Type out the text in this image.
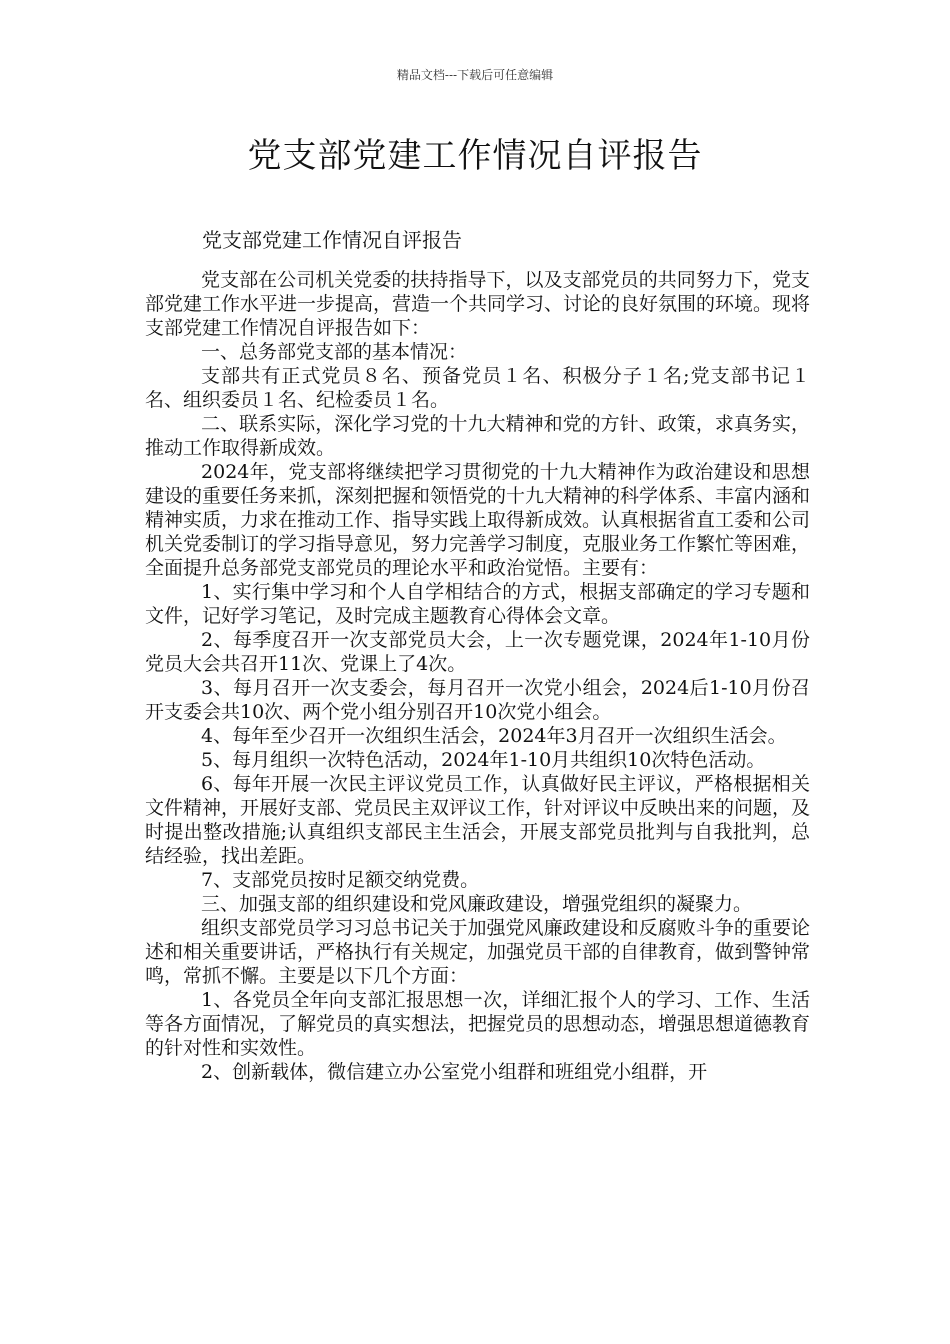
精品文档---下载后可任意编辑
党支部党建工作情况自评报告

党支部党建工作情况自评报告

党支部在公司机关党委的扶持指导下，以及支部党员的共同努力下，党支部党建工作水平进一步提高，营造一个共同学习、讨论的良好氛围的环境。现将支部党建工作情况自评报告如下：

一、总务部党支部的基本情况：

支部共有正式党员８名、预备党员１名、积极分子１名;党支部书记１名、组织委员１名、纪检委员１名。

二、联系实际，深化学习党的十九大精神和党的方针、政策，求真务实，推动工作取得新成效。

2024年，党支部将继续把学习贯彻党的十九大精神作为政治建设和思想建设的重要任务来抓，深刻把握和领悟党的十九大精神的科学体系、丰富内涵和精神实质，力求在推动工作、指导实践上取得新成效。认真根据省直工委和公司机关党委制订的学习指导意见，努力完善学习制度，克服业务工作繁忙等困难，全面提升总务部党支部党员的理论水平和政治觉悟。主要有：

1、实行集中学习和个人自学相结合的方式，根据支部确定的学习专题和文件，记好学习笔记，及时完成主题教育心得体会文章。

2、每季度召开一次支部党员大会，上一次专题党课，2024年1-10月份党员大会共召开11次、党课上了4次。

3、每月召开一次支委会，每月召开一次党小组会，2024后1-10月份召开支委会共10次、两个党小组分别召开10次党小组会。

4、每年至少召开一次组织生活会，2024年3月召开一次组织生活会。

5、每月组织一次特色活动，2024年1-10月共组织10次特色活动。

6、每年开展一次民主评议党员工作，认真做好民主评议，严格根据相关文件精神，开展好支部、党员民主双评议工作，针对评议中反映出来的问题，及时提出整改措施;认真组织支部民主生活会，开展支部党员批判与自我批判，总结经验，找出差距。

7、支部党员按时足额交纳党费。

三、加强支部的组织建设和党风廉政建设，增强党组织的凝聚力。

组织支部党员学习习总书记关于加强党风廉政建设和反腐败斗争的重要论述和相关重要讲话，严格执行有关规定，加强党员干部的自律教育，做到警钟常鸣，常抓不懈。主要是以下几个方面：

1、各党员全年向支部汇报思想一次，详细汇报个人的学习、工作、生活等各方面情况，了解党员的真实想法，把握党员的思想动态，增强思想道德教育的针对性和实效性。

2、创新载体，微信建立办公室党小组群和班组党小组群，开
